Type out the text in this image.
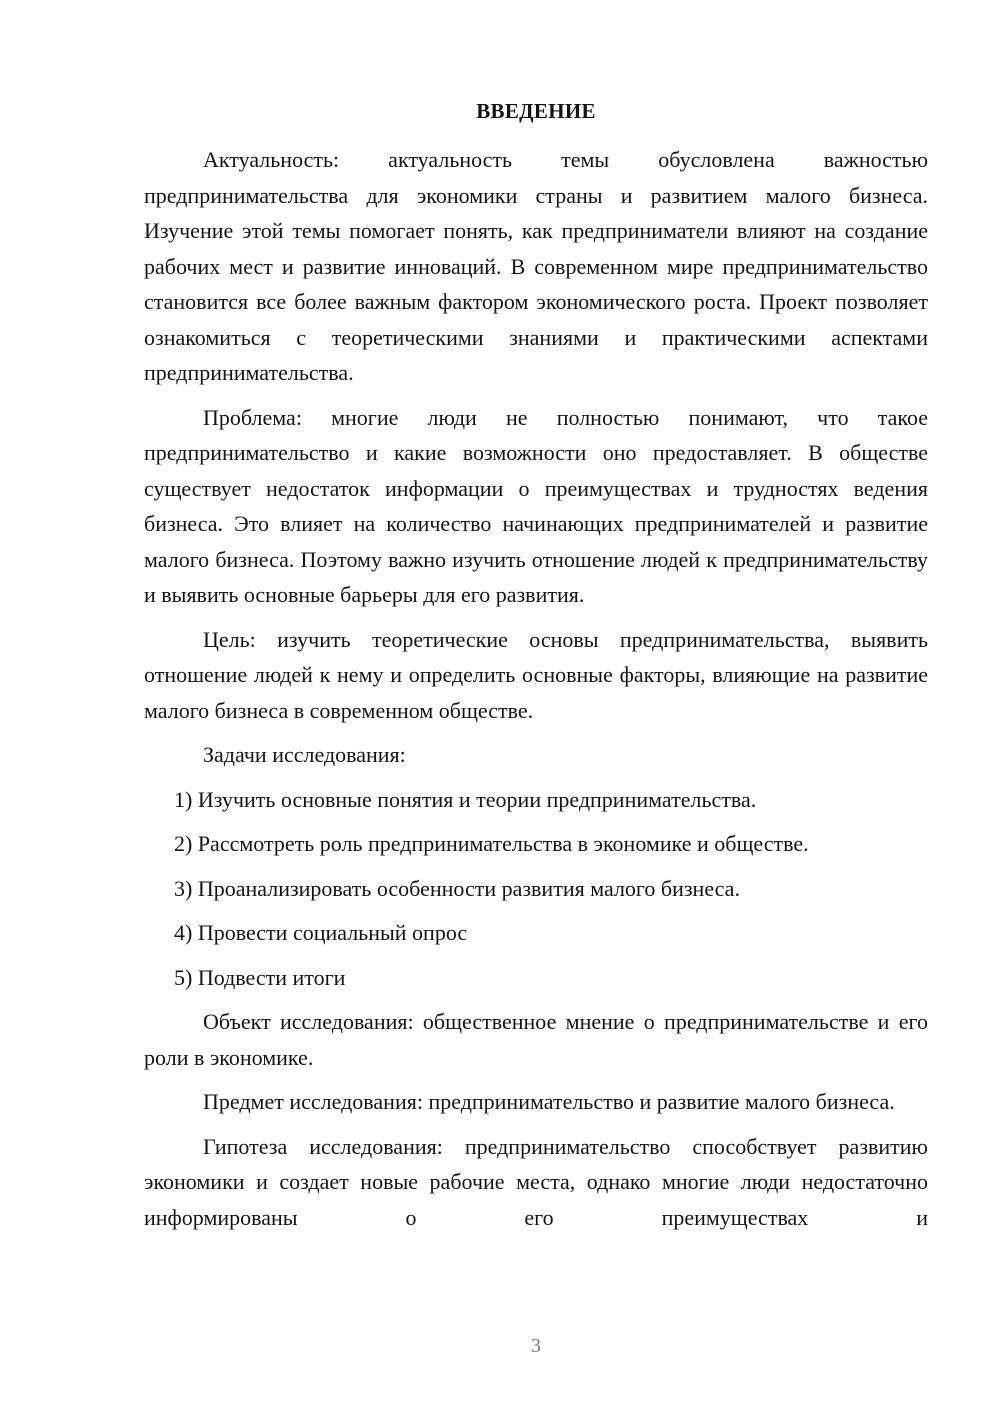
ВВЕДЕНИЕ

Актуальность: актуальность темы обусловлена важностью предпринимательства для экономики страны и развитием малого бизнеса. Изучение этой темы помогает понять, как предприниматели влияют на создание рабочих мест и развитие инноваций. В современном мире предпринимательство становится все более важным фактором экономического роста. Проект позволяет ознакомиться с теоретическими знаниями и практическими аспектами предпринимательства.

Проблема: многие люди не полностью понимают, что такое предпринимательство и какие возможности оно предоставляет. В обществе существует недостаток информации о преимуществах и трудностях ведения бизнеса. Это влияет на количество начинающих предпринимателей и развитие малого бизнеса. Поэтому важно изучить отношение людей к предпринимательству и выявить основные барьеры для его развития.

Цель: изучить теоретические основы предпринимательства, выявить отношение людей к нему и определить основные факторы, влияющие на развитие малого бизнеса в современном обществе.

Задачи исследования:

1) Изучить основные понятия и теории предпринимательства.
2) Рассмотреть роль предпринимательства в экономике и обществе.
3) Проанализировать особенности развития малого бизнеса.
4) Провести социальный опрос
5) Подвести итоги

Объект исследования: общественное мнение о предпринимательстве и его роли в экономике.

Предмет исследования: предпринимательство и развитие малого бизнеса.

Гипотеза исследования: предпринимательство способствует развитию экономики и создает новые рабочие места, однако многие люди недостаточно информированы о его преимуществах и

3
